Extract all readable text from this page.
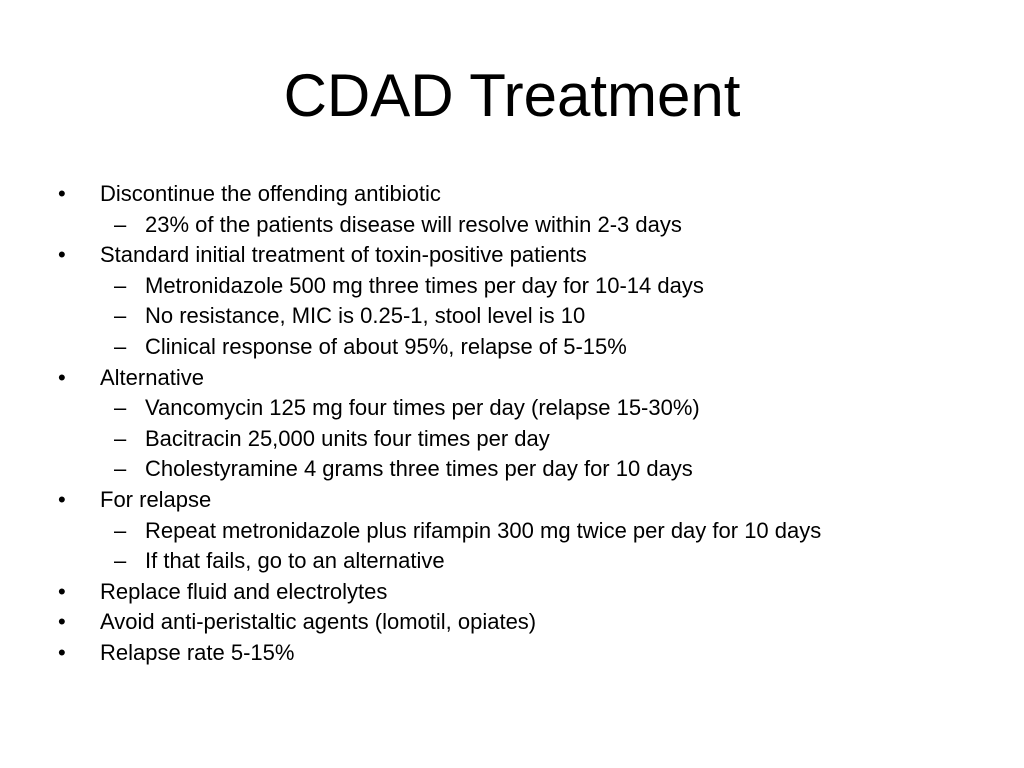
CDAD Treatment
• Discontinue the offending antibiotic
– 23% of the patients disease will resolve within 2-3 days
• Standard initial treatment of toxin-positive patients
– Metronidazole 500 mg three times per day for 10-14 days
– No resistance, MIC is 0.25-1, stool level is 10
– Clinical response of about 95%, relapse of 5-15%
• Alternative
– Vancomycin 125 mg four times per day (relapse 15-30%)
– Bacitracin 25,000 units four times per day
– Cholestyramine 4 grams three times per day for 10 days
• For relapse
– Repeat metronidazole plus rifampin 300 mg twice per day for 10 days
– If that fails, go to an alternative
• Replace fluid and electrolytes
• Avoid anti-peristaltic agents (lomotil, opiates)
• Relapse rate 5-15%
